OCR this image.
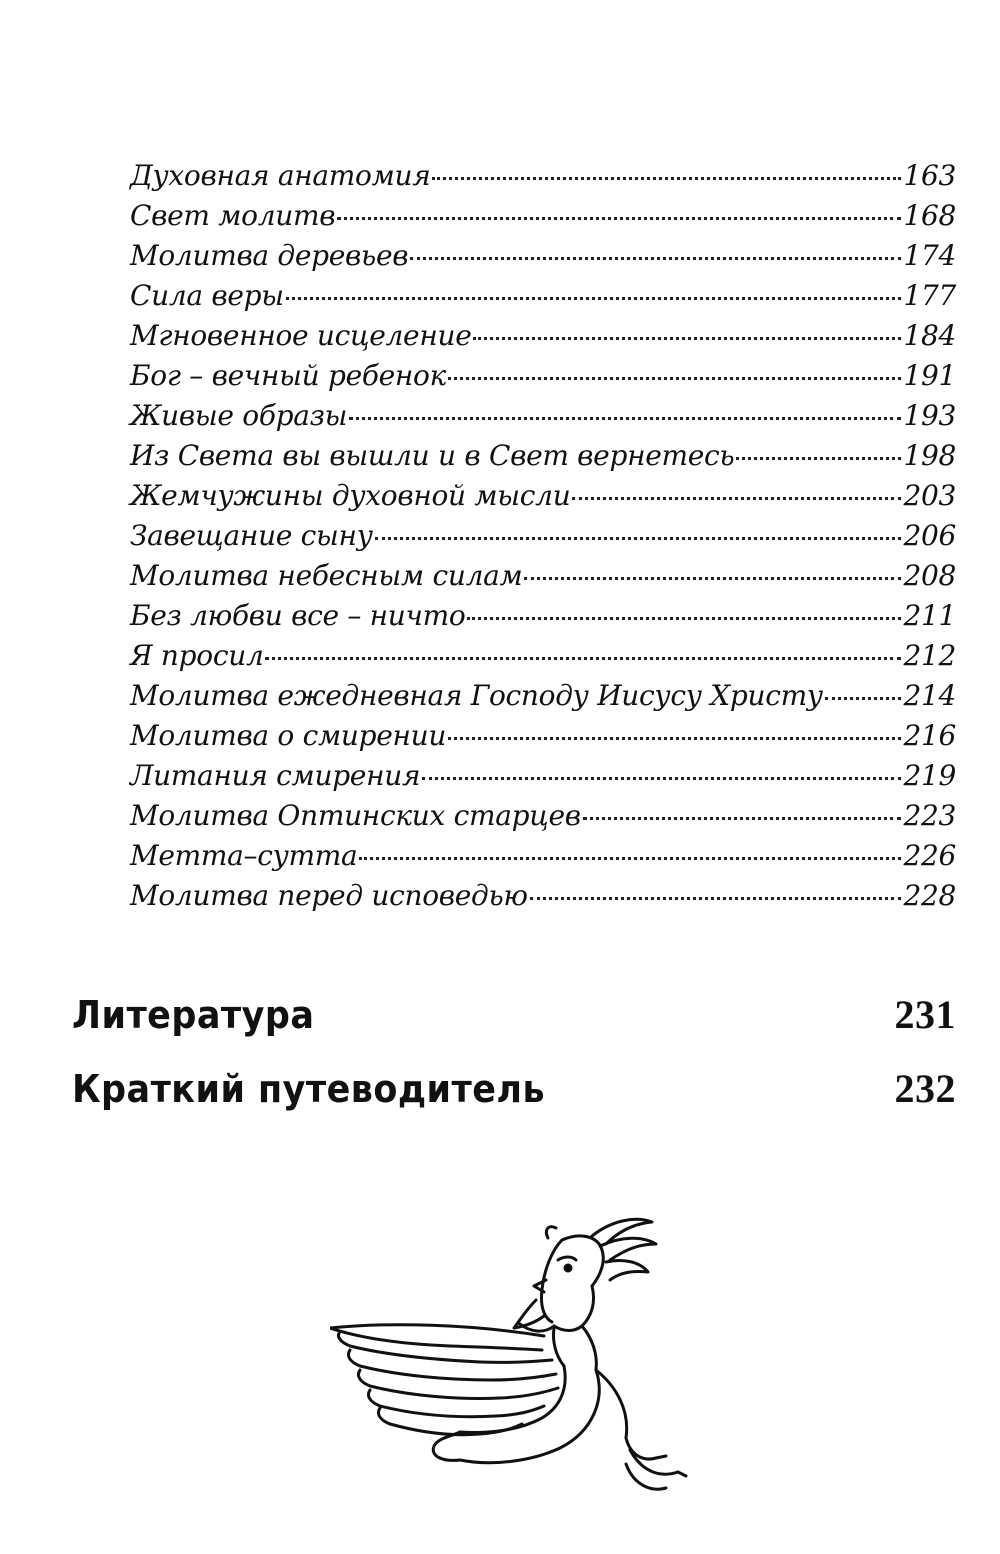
Духовная анатомия	163
Свет молитв	168
Молитва деревьев	174
Сила веры	177
Мгновенное исцеление	184
Бог – вечный ребенок	191
Живые образы	193
Из Света вы вышли и в Свет вернетесь	198
Жемчужины духовной мысли	203
Завещание сыну	206
Молитва небесным силам	208
Без любви все – ничто	211
Я просил	212
Молитва ежедневная Господу Иисусу Христу	214
Молитва о смирении	216
Литания смирения	219
Молитва Оптинских старцев	223
Метта–сутта	226
Молитва перед исповедью	228
Литература	231
Краткий путеводитель	232
